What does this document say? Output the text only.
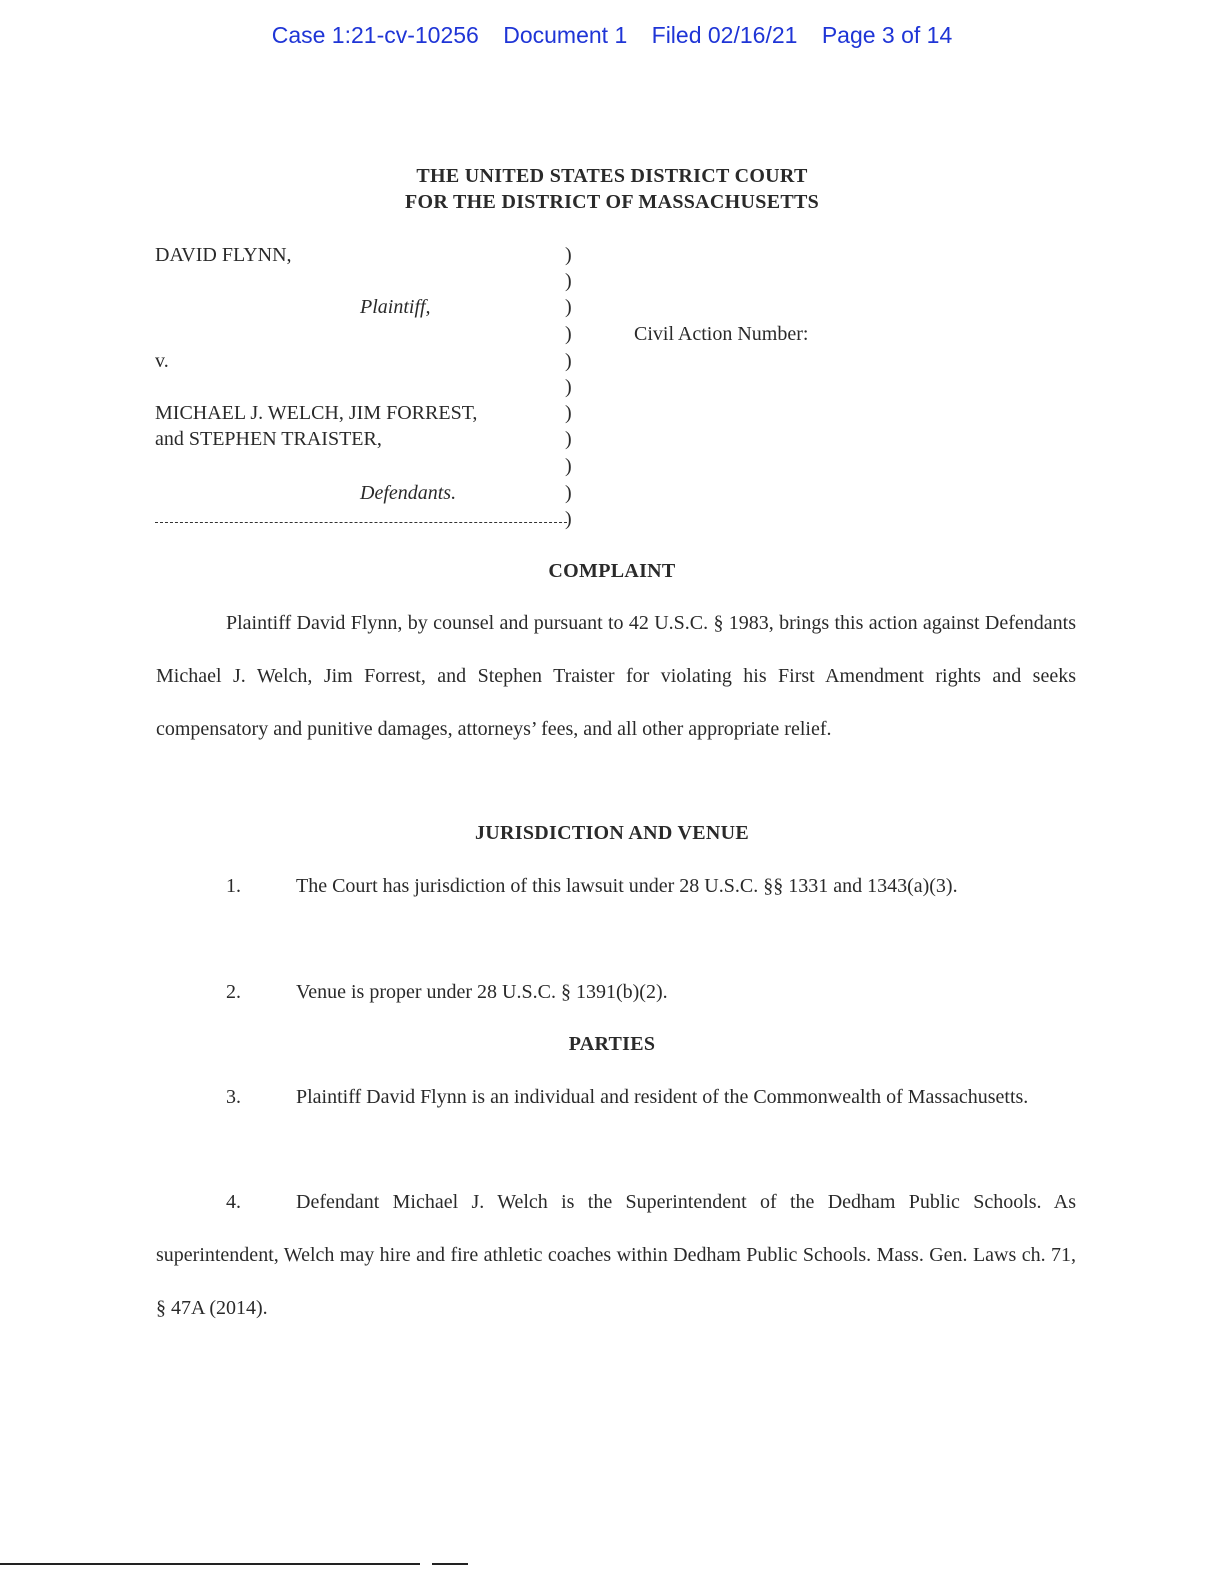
Case 1:21-cv-10256 Document 1 Filed 02/16/21 Page 3 of 14
THE UNITED STATES DISTRICT COURT
FOR THE DISTRICT OF MASSACHUSETTS
DAVID FLYNN,
Plaintiff,
v.
MICHAEL J. WELCH, JIM FORREST,
and STEPHEN TRAISTER,
Defendants.
Civil Action Number:
)
)
)
)
)
)
)
)
)
)
)
COMPLAINT
Plaintiff David Flynn, by counsel and pursuant to 42 U.S.C. § 1983, brings this action against Defendants Michael J. Welch, Jim Forrest, and Stephen Traister for violating his First Amendment rights and seeks compensatory and punitive damages, attorneys’ fees, and all other appropriate relief.
JURISDICTION AND VENUE
1.	The Court has jurisdiction of this lawsuit under 28 U.S.C. §§ 1331 and 1343(a)(3).
2.	Venue is proper under 28 U.S.C. § 1391(b)(2).
PARTIES
3.	Plaintiff David Flynn is an individual and resident of the Commonwealth of Massachusetts.
4.	Defendant Michael J. Welch is the Superintendent of the Dedham Public Schools. As superintendent, Welch may hire and fire athletic coaches within Dedham Public Schools. Mass. Gen. Laws ch. 71, § 47A (2014).
